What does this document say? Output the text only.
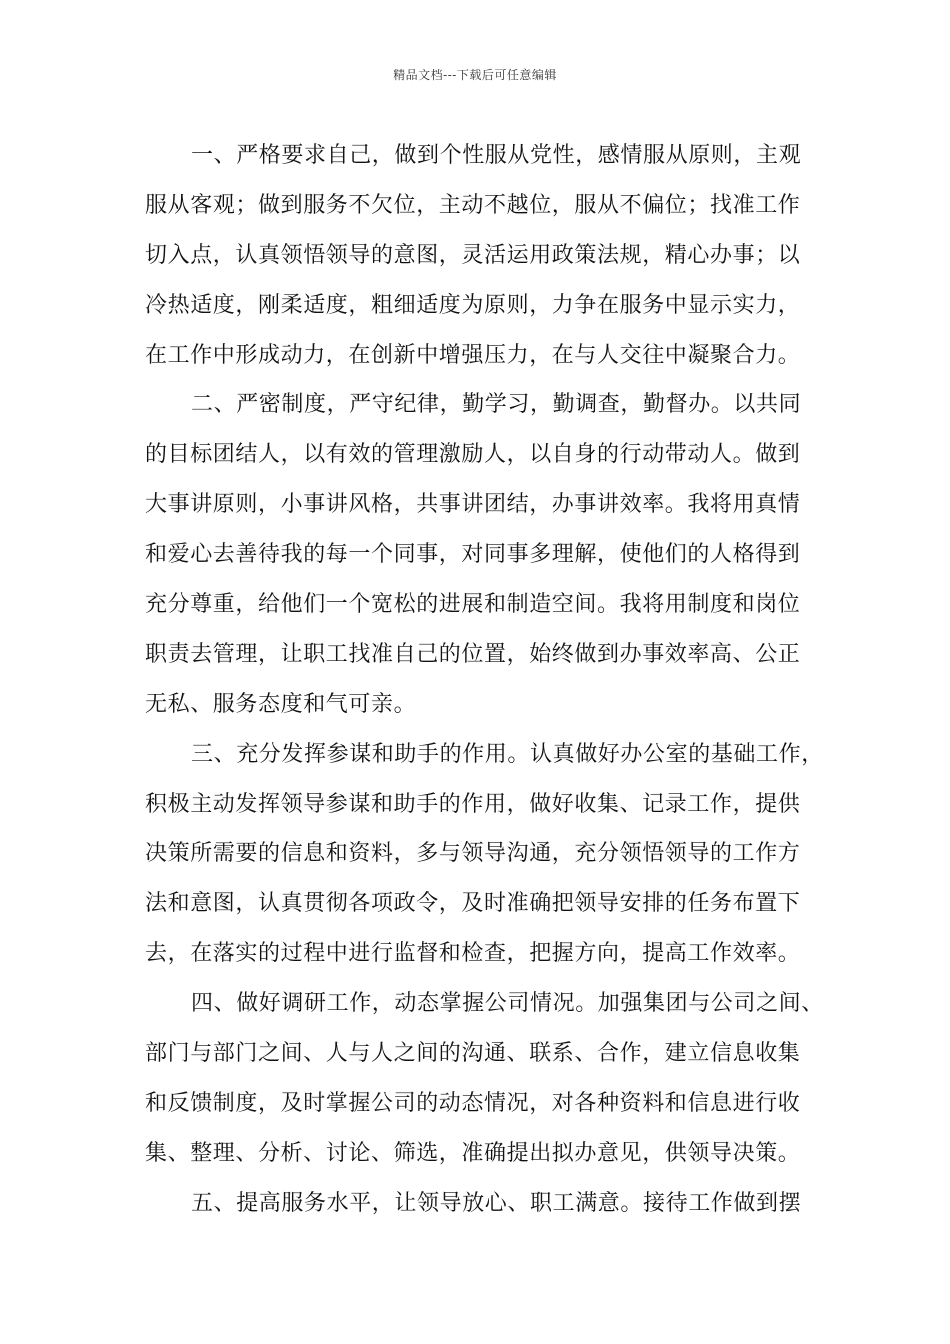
精品文档---下载后可任意编辑
一、严格要求自己，做到个性服从党性，感情服从原则，主观
服从客观；做到服务不欠位，主动不越位，服从不偏位；找准工作
切入点，认真领悟领导的意图，灵活运用政策法规，精心办事；以
冷热适度，刚柔适度，粗细适度为原则，力争在服务中显示实力，
在工作中形成动力，在创新中增强压力，在与人交往中凝聚合力。
二、严密制度，严守纪律，勤学习，勤调查，勤督办。以共同
的目标团结人，以有效的管理激励人，以自身的行动带动人。做到
大事讲原则，小事讲风格，共事讲团结，办事讲效率。我将用真情
和爱心去善待我的每一个同事，对同事多理解，使他们的人格得到
充分尊重，给他们一个宽松的进展和制造空间。我将用制度和岗位
职责去管理，让职工找准自己的位置，始终做到办事效率高、公正
无私、服务态度和气可亲。
三、充分发挥参谋和助手的作用。认真做好办公室的基础工作，
积极主动发挥领导参谋和助手的作用，做好收集、记录工作，提供
决策所需要的信息和资料，多与领导沟通，充分领悟领导的工作方
法和意图，认真贯彻各项政令，及时准确把领导安排的任务布置下
去，在落实的过程中进行监督和检查，把握方向，提高工作效率。
四、做好调研工作，动态掌握公司情况。加强集团与公司之间、
部门与部门之间、人与人之间的沟通、联系、合作，建立信息收集
和反馈制度，及时掌握公司的动态情况，对各种资料和信息进行收
集、整理、分析、讨论、筛选，准确提出拟办意见，供领导决策。
五、提高服务水平，让领导放心、职工满意。接待工作做到摆
